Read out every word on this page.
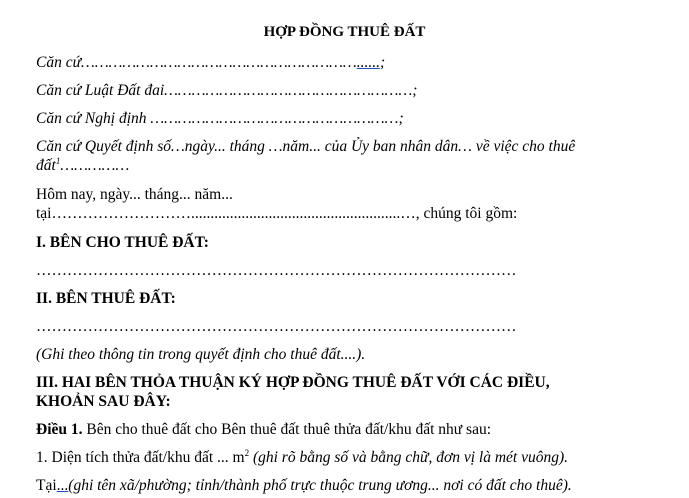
HỢP ĐỒNG THUÊ ĐẤT
Căn cứ……………………………………………………......;
Căn cứ Luật Đất đai………………………………………………;
Căn cứ Nghị định ………………………………………………;
Căn cứ Quyết định số…ngày... tháng …năm... của Ủy ban nhân dân… về việc cho thuê
đất$^1$……………
Hôm nay, ngày... tháng... năm...
tại………………………......................................................…, chúng tôi gồm:
I. BÊN CHO THUÊ ĐẤT:
…………………………………………………………………………………
II. BÊN THUÊ ĐẤT:
…………………………………………………………………………………
(Ghi theo thông tin trong quyết định cho thuê đất....).
III. HAI BÊN THỎA THUẬN KÝ HỢP ĐỒNG THUÊ ĐẤT VỚI CÁC ĐIỀU,
KHOẢN SAU ĐÂY:
Điều 1. Bên cho thuê đất cho Bên thuê đất thuê thửa đất/khu đất như sau:
1. Diện tích thửa đất/khu đất ... $m^2$ (ghi rõ bằng số và bằng chữ, đơn vị là mét vuông).
Tại...(ghi tên xã/phường; tỉnh/thành phố trực thuộc trung ương... nơi có đất cho thuê).
